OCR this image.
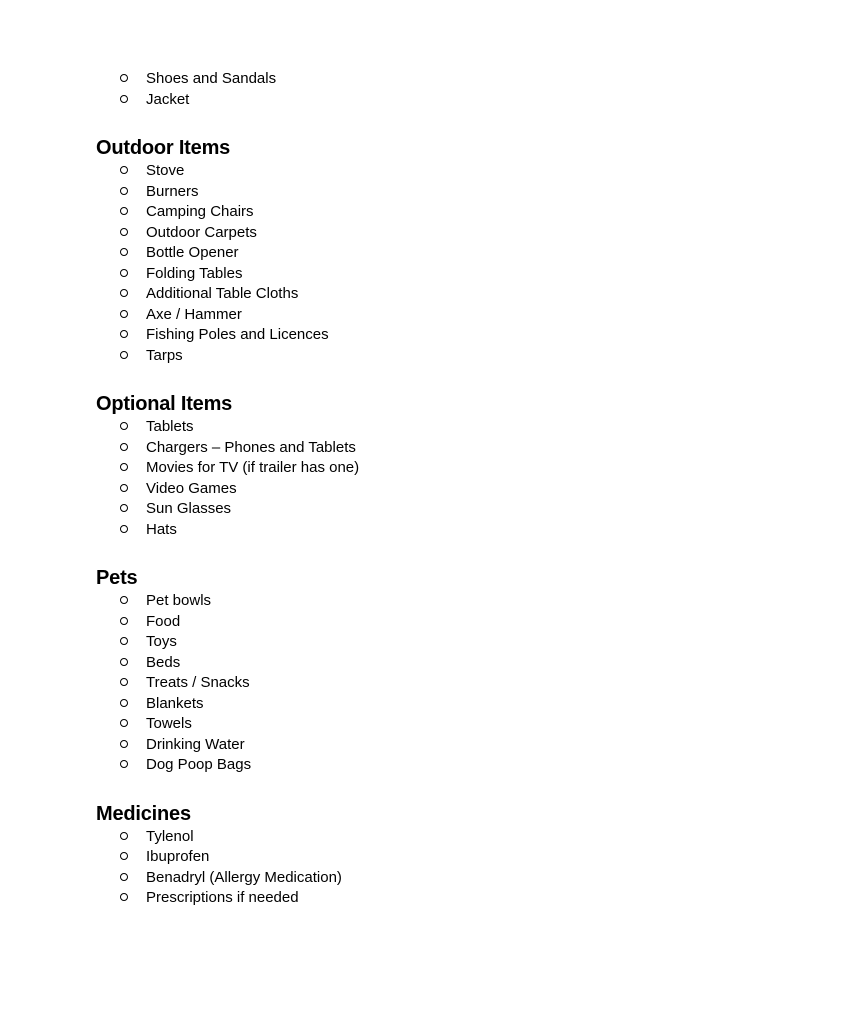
Shoes and Sandals
Jacket
Outdoor Items
Stove
Burners
Camping Chairs
Outdoor Carpets
Bottle Opener
Folding Tables
Additional Table Cloths
Axe / Hammer
Fishing Poles and Licences
Tarps
Optional Items
Tablets
Chargers – Phones and Tablets
Movies for TV (if trailer has one)
Video Games
Sun Glasses
Hats
Pets
Pet bowls
Food
Toys
Beds
Treats / Snacks
Blankets
Towels
Drinking Water
Dog Poop Bags
Medicines
Tylenol
Ibuprofen
Benadryl (Allergy Medication)
Prescriptions if needed
